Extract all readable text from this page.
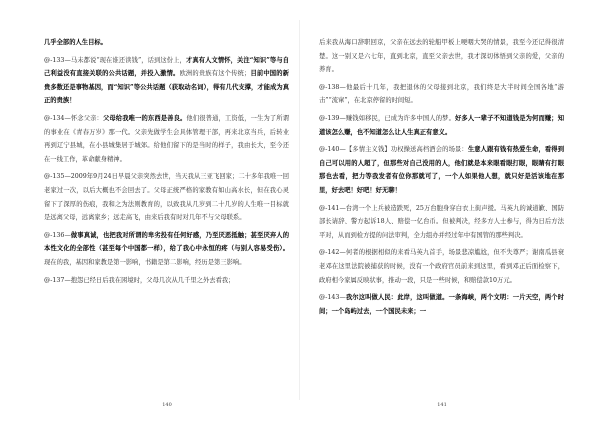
几乎全部的人生目标。

@-133—马未都说“现在谁还读钱”，话到这份上，才真有人文情怀，关注“知识”等与自己利益没有直接关联的公共话题，并投入激情。欧洲的贵族有这个传统；目前中国的新贵多数还是事物基因，而“知识”等公共话题（获取动名词），得有几代支撑，才能成为真正的贵族！

@-134—怀念父亲：父母给我唯一的东西是善良。他们很普通，工资低，一生为了所谓的事业在《青春万岁》那一代。父亲先做学生会具体管理干部，再来北京当兵，后转业再到辽宁县城，在小县城集居于城郊。给他们留下的是当时的样子，我由长大，至今还在一线工作，革命献身精神。

@-135—2009年9月24日早晨父亲突然去世，当天我从三亚飞回家；二十多年我唯一回老家过一次，以后大概也不会回去了。父母正统严格的家教有如山高水长，但在我心灵留下了深厚的伤痕，我和之为法则教育的，以致我从几岁到二十几岁的人生唯一目标就是远离父母，远离家乡；远走高飞，由来后我有时对几年不与父母联系。

@-136—做事真诚，也把我对所谓的卑劣投有任何好感，乃至厌恶抵触；甚至厌弃人的本性文化的全部性（甚至每个中国都一样），给了我心中永恒的疼（与别人容易受伤）。现在的我，基因和家教是第一影响，书籍是第二影响，经历是第三影响。

@-137—抱怨已经日后我在困境时，父母几次从几千里之外去看我；

后来我从海口辞职回京，父亲在远去的轮船甲板上哽咽大哭的情景，我至今还记得很清楚。这一别又是六七年，直到北京，直至父亲去世，我才深切体悟到父亲的爱，父亲的养育。

@-138—他最后十几年，我把退休的父母接到北京，我们终是大半时间全国各地“游击”“流窜”，在北京停留的时间短。

@-139—赚钱如移民，已成为许多中国人的梦。好多人一辈子不知道钱是为何而赚；知道该怎么赚，也不知道怎么让人生真正有意义。

@-140—【多情主义钱】功权操送高档酒会的场景：生意人跟有钱有热爱生命，看得到自己可以用的人超了，但那些对自己没用的人，他们就是本来眼看眼打眼，眼睛有打眼那也去看，把力等我发者有位你那就可了，一个人如果他人想，就只好是活该地在那里，好去吧！好吧！好无聊！

@-141—台湾一个上兵被造跌死，25万台胞身穿白衣上街声援。马英九的诚道歉、国防部长请辞、警方起诉18人、赔偿一亿台币。但被判决，经多方人士参与，得为日后方法平对，从而到检方提的问法审判，全力组办并经过年中有国管的那些判决。

@-142—何者的根据相似的来看马英九首手，场景悲凉尴尬，但不失尊严；谢南瓜县衰老邓在这里法院被捕获的时候，没有一个政府官员前来到这里，看到邓正后面检察下，政府相今家属反映状事，推动一段，只是一些时候，和赔偿款10万元。

@-143—我尔这叫做人民：此岸，这叫做道。一条海峡，两个文明：一片天空，两个时间；一个岛屿过去，一个国民未来；一

140	141
